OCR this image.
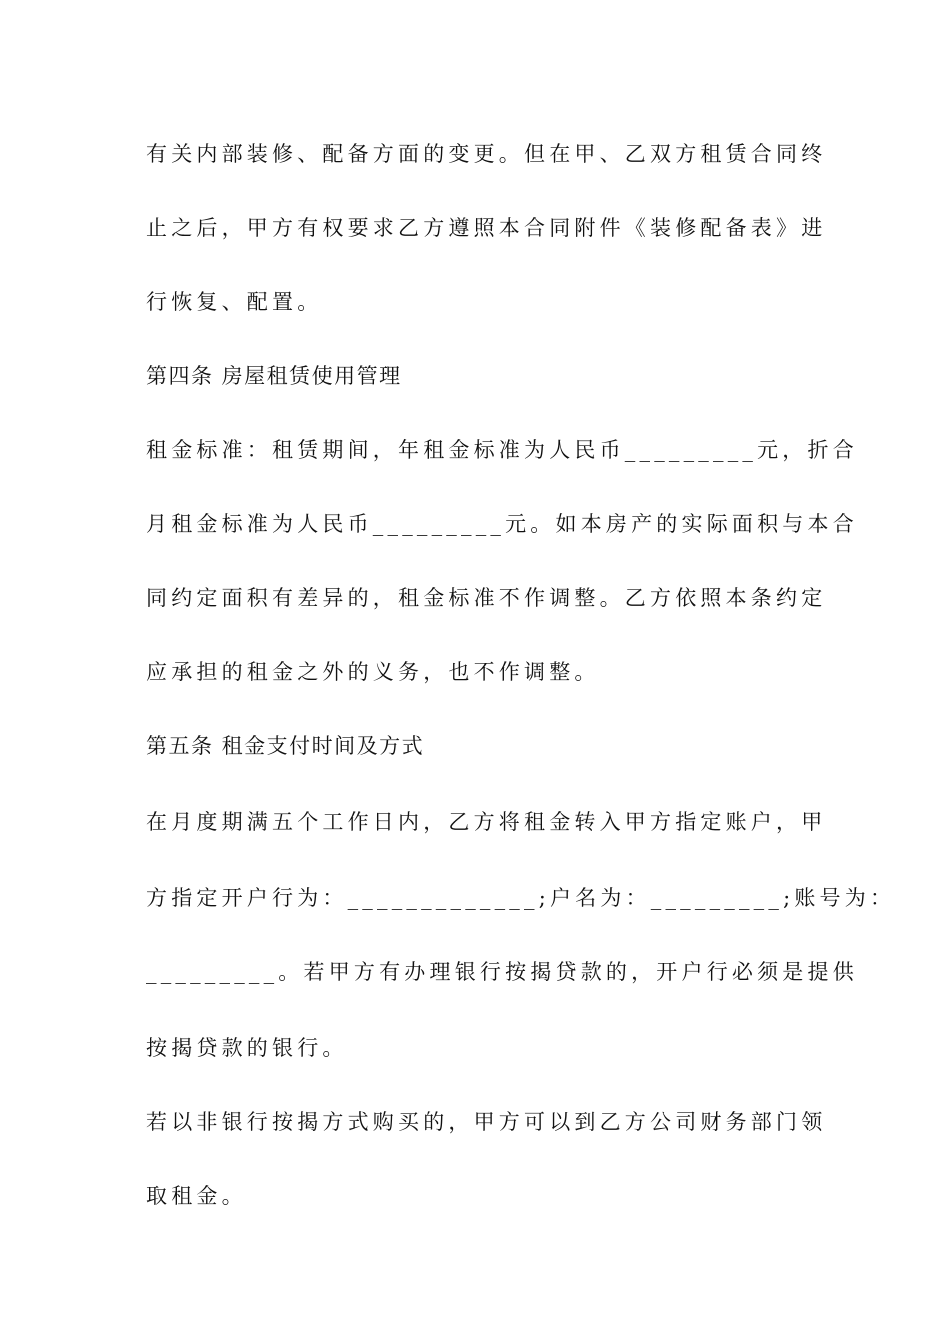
有关内部装修、配备方面的变更。但在甲、乙双方租赁合同终

止之后，甲方有权要求乙方遵照本合同附件《装修配备表》进

行恢复、配置。

第四条 房屋租赁使用管理

租金标准：租赁期间，年租金标准为人民币_________元，折合

月租金标准为人民币_________元。如本房产的实际面积与本合

同约定面积有差异的，租金标准不作调整。乙方依照本条约定

应承担的租金之外的义务，也不作调整。

第五条 租金支付时间及方式

在月度期满五个工作日内，乙方将租金转入甲方指定账户，甲

方指定开户行为：_____________;户名为：_________;账号为：

_________。若甲方有办理银行按揭贷款的，开户行必须是提供

按揭贷款的银行。

若以非银行按揭方式购买的，甲方可以到乙方公司财务部门领

取租金。
